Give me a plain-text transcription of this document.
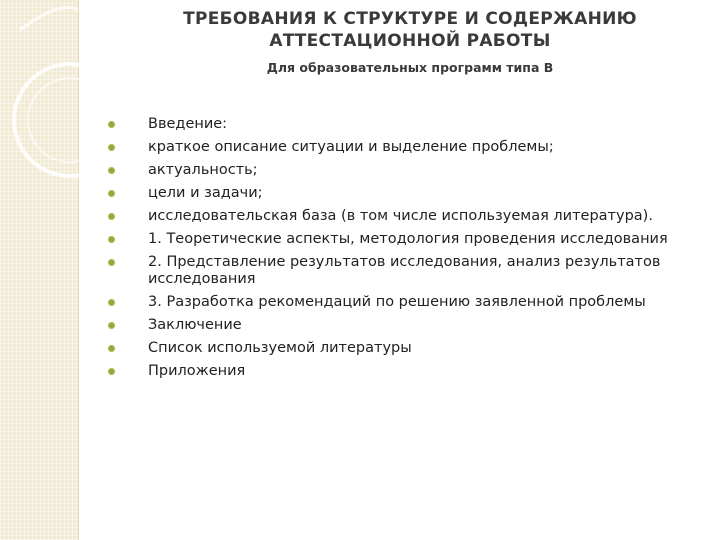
ТРЕБОВАНИЯ К СТРУКТУРЕ И СОДЕРЖАНИЮ
АТТЕСТАЦИОННОЙ РАБОТЫ
Для образовательных программ типа В
Введение:
краткое описание ситуации и выделение проблемы;
актуальность;
цели и задачи;
исследовательская база (в том числе используемая литература).
1. Теоретические аспекты, методология проведения исследования
2. Представление результатов исследования, анализ результатов исследования
3. Разработка рекомендаций по решению заявленной проблемы
Заключение
Список используемой литературы
Приложения
